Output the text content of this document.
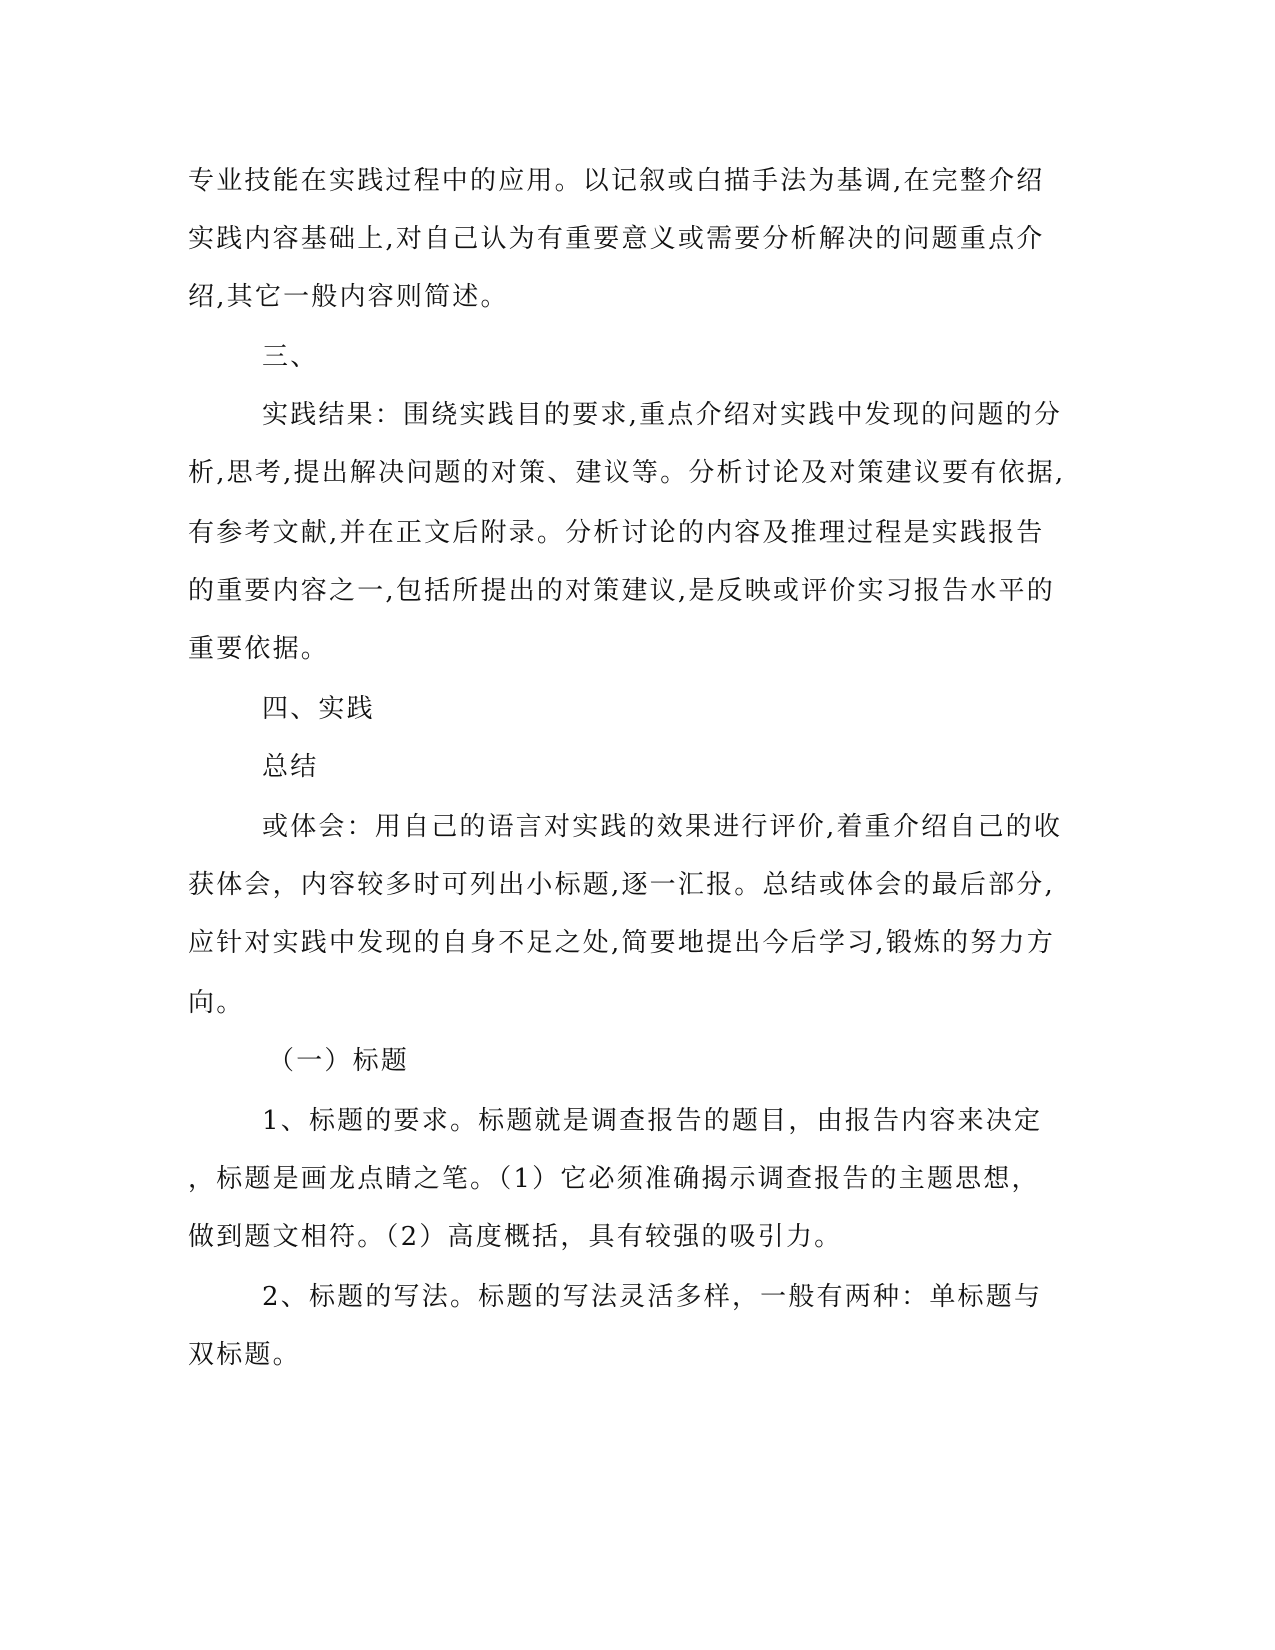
专业技能在实践过程中的应用。以记叙或白描手法为基调,在完整介绍
实践内容基础上,对自己认为有重要意义或需要分析解决的问题重点介
绍,其它一般内容则简述。
三、
实践结果：围绕实践目的要求,重点介绍对实践中发现的问题的分
析,思考,提出解决问题的对策、建议等。分析讨论及对策建议要有依据,
有参考文献,并在正文后附录。分析讨论的内容及推理过程是实践报告
的重要内容之一,包括所提出的对策建议,是反映或评价实习报告水平的
重要依据。
四、实践
总结
或体会：用自己的语言对实践的效果进行评价,着重介绍自己的收
获体会，内容较多时可列出小标题,逐一汇报。总结或体会的最后部分,
应针对实践中发现的自身不足之处,简要地提出今后学习,锻炼的努力方
向。
（一）标题
1、标题的要求。标题就是调查报告的题目，由报告内容来决定
，标题是画龙点睛之笔。（1）它必须准确揭示调查报告的主题思想，
做到题文相符。（2）高度概括，具有较强的吸引力。
2、标题的写法。标题的写法灵活多样，一般有两种：单标题与
双标题。
